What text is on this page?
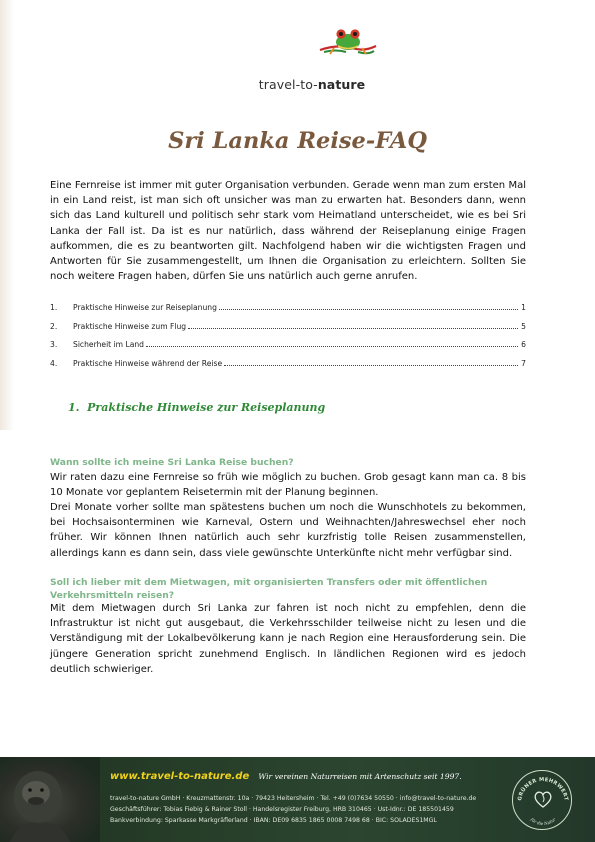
travel-to-nature
Sri Lanka Reise-FAQ

Eine Fernreise ist immer mit guter Organisation verbunden. Gerade wenn man zum ersten Mal in ein Land reist, ist man sich oft unsicher was man zu erwarten hat. Besonders dann, wenn sich das Land kulturell und politisch sehr stark vom Heimatland unterscheidet, wie es bei Sri Lanka der Fall ist. Da ist es nur natürlich, dass während der Reiseplanung einige Fragen aufkommen, die es zu beantworten gilt. Nachfolgend haben wir die wichtigsten Fragen und Antworten für Sie zusammengestellt, um Ihnen die Organisation zu erleichtern. Sollten Sie noch weitere Fragen haben, dürfen Sie uns natürlich auch gerne anrufen.

1.	Praktische Hinweise zur Reiseplanung	1
2.	Praktische Hinweise zum Flug	5
3.	Sicherheit im Land	6
4.	Praktische Hinweise während der Reise	7
1.  Praktische Hinweise zur Reiseplanung
Wann sollte ich meine Sri Lanka Reise buchen?

Wir raten dazu eine Fernreise so früh wie möglich zu buchen. Grob gesagt kann man ca. 8 bis 10 Monate vor geplantem Reisetermin mit der Planung beginnen.

Drei Monate vorher sollte man spätestens buchen um noch die Wunschhotels zu bekommen, bei Hochsaisonterminen wie Karneval, Ostern und Weihnachten/Jahreswechsel eher noch früher. Wir können Ihnen natürlich auch sehr kurzfristig tolle Reisen zusammenstellen, allerdings kann es dann sein, dass viele gewünschte Unterkünfte nicht mehr verfügbar sind.

Soll ich lieber mit dem Mietwagen, mit organisierten Transfers oder mit öffentlichen Verkehrsmitteln reisen?

Mit dem Mietwagen durch Sri Lanka zur fahren ist noch nicht zu empfehlen, denn die Infrastruktur ist nicht gut ausgebaut, die Verkehrsschilder teilweise nicht zu lesen und die Verständigung mit der Lokalbevölkerung kann je nach Region eine Herausforderung sein. Die jüngere Generation spricht zunehmend Englisch. In ländlichen Regionen wird es jedoch deutlich schwieriger.

www.travel-to-nature.de Wir vereinen Naturreisen mit Artenschutz seit 1997.
travel-to-nature GmbH · Kreuzmattenstr. 10a · 79423 Heitersheim · Tel. +49 (0)7634 50550 · info@travel-to-nature.de
Geschäftsführer: Tobias Fiebig & Rainer Stoll · Handelsregister Freiburg, HRB 310465 · Ust-Idnr.: DE 185501459
Bankverbindung: Sparkasse Markgräflerland · IBAN: DE09 6835 1865 0008 7498 68 · BIC: SOLADES1MGL
GRÜNER MEHRWERT
für die Natur
